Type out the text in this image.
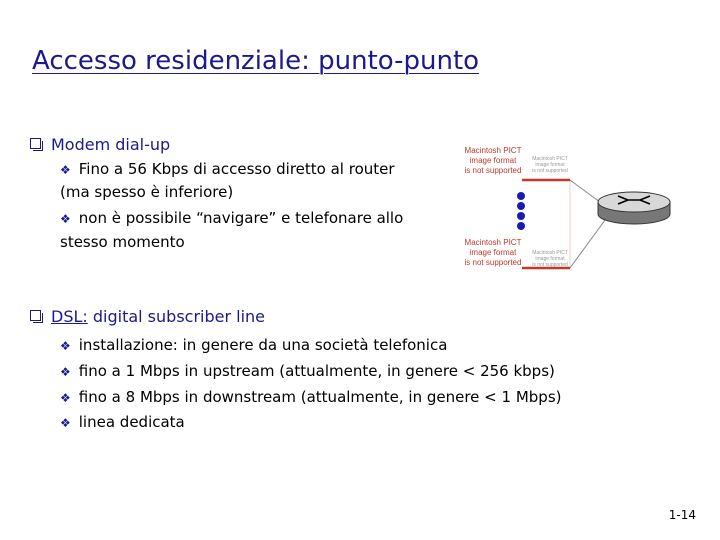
Accesso residenziale: punto-punto
Modem dial-up
❖ Fino a 56 Kbps di accesso diretto al router
(ma spesso è inferiore)
❖ non è possibile “navigare” e telefonare allo
stesso momento
Macintosh PICT
image format
is not supported
Macintosh PICT
image format
is not supported
Macintosh PICT
image format
is not supported
Macintosh PICT
image format
is not supported
DSL: digital subscriber line
❖ installazione: in genere da una società telefonica
❖ fino a 1 Mbps in upstream (attualmente, in genere < 256 kbps)
❖ fino a 8 Mbps in downstream (attualmente, in genere < 1 Mbps)
❖ linea dedicata
1-14
